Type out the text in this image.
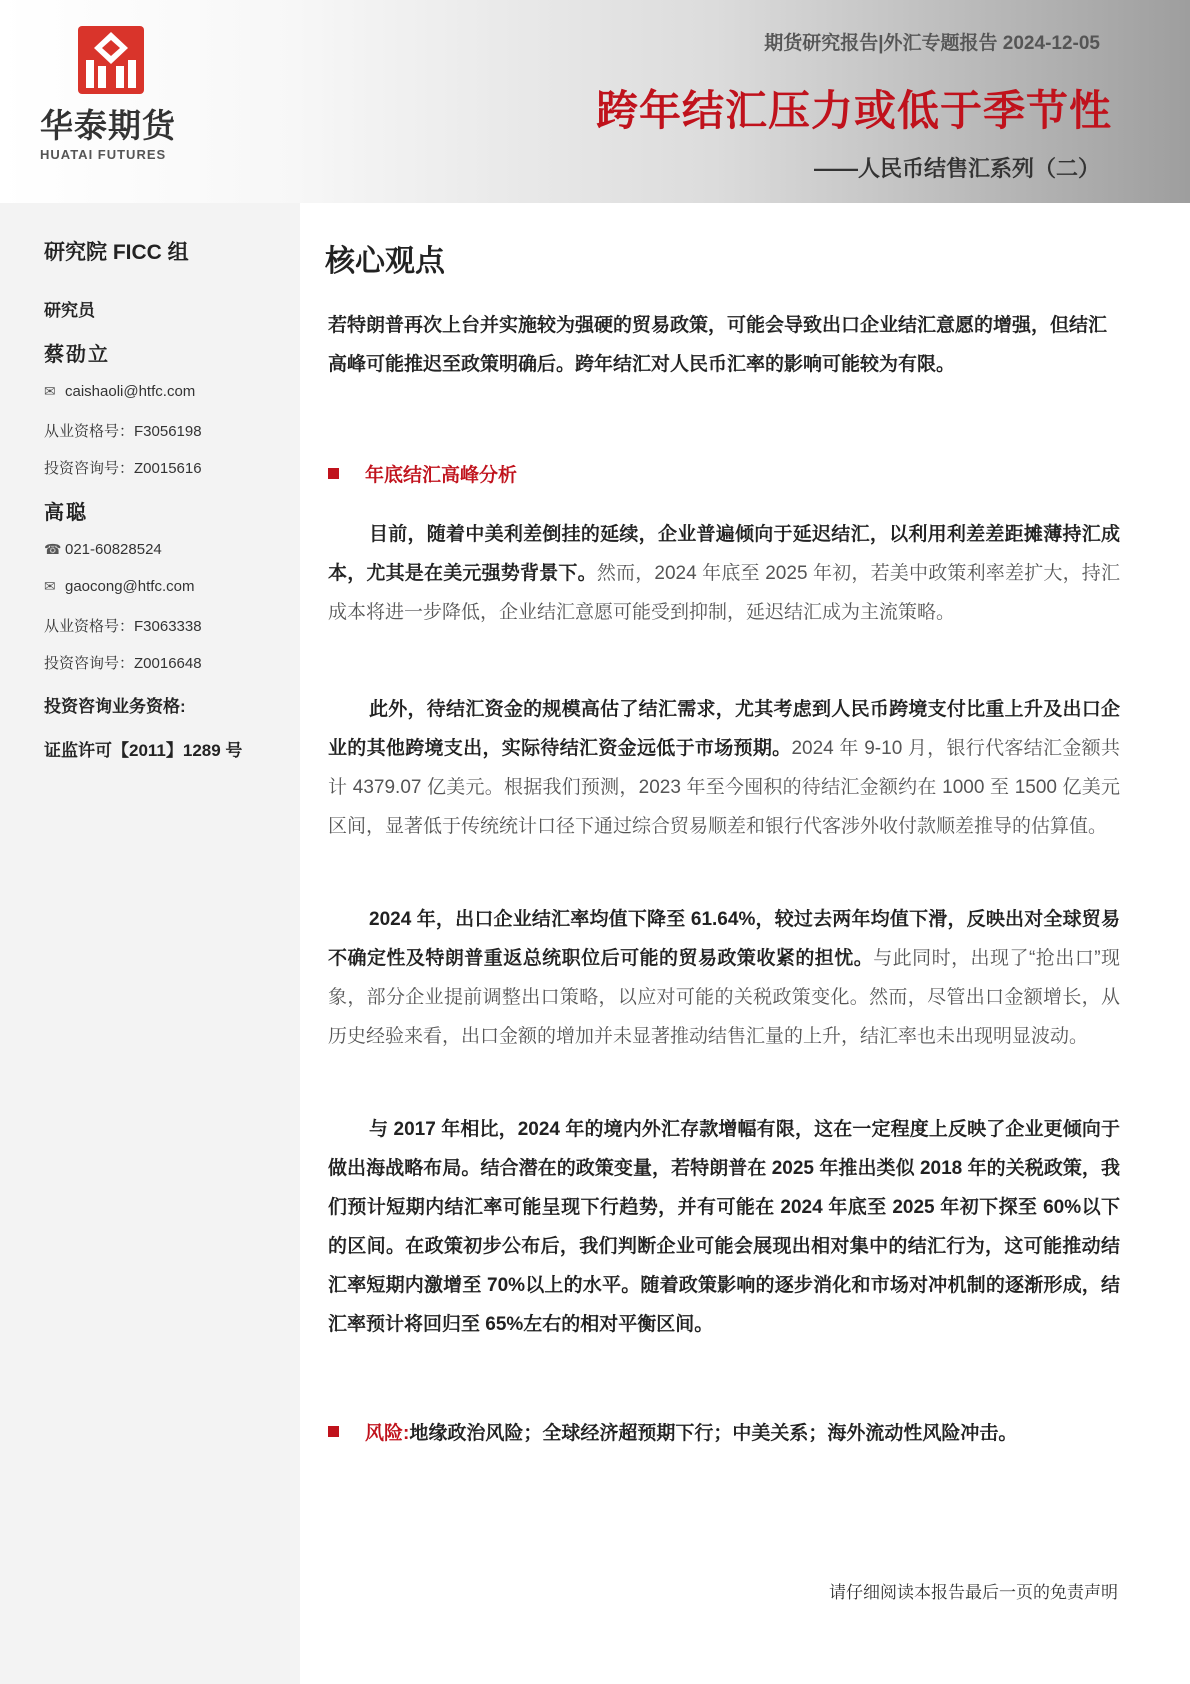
华泰期货
HUATAI FUTURES
期货研究报告|外汇专题报告 2024-12-05
跨年结汇压力或低于季节性
——人民币结售汇系列（二）
研究院 FICC 组
研究员
蔡劭立
✉ caishaoli@htfc.com
从业资格号：F3056198
投资咨询号：Z0015616
高聪
☎ 021-60828524
✉ gaocong@htfc.com
从业资格号：F3063338
投资咨询号：Z0016648
投资咨询业务资格:
证监许可【2011】1289 号
核心观点
若特朗普再次上台并实施较为强硬的贸易政策，可能会导致出口企业结汇意愿的增强，但结汇高峰可能推迟至政策明确后。跨年结汇对人民币汇率的影响可能较为有限。
年底结汇高峰分析
目前，随着中美利差倒挂的延续，企业普遍倾向于延迟结汇，以利用利差差距摊薄持汇成本，尤其是在美元强势背景下。然而，2024 年底至 2025 年初，若美中政策利率差扩大，持汇成本将进一步降低，企业结汇意愿可能受到抑制，延迟结汇成为主流策略。
此外，待结汇资金的规模高估了结汇需求，尤其考虑到人民币跨境支付比重上升及出口企业的其他跨境支出，实际待结汇资金远低于市场预期。2024 年 9-10 月，银行代客结汇金额共计 4379.07 亿美元。根据我们预测，2023 年至今囤积的待结汇金额约在 1000 至 1500 亿美元区间，显著低于传统统计口径下通过综合贸易顺差和银行代客涉外收付款顺差推导的估算值。
2024 年，出口企业结汇率均值下降至 61.64%，较过去两年均值下滑，反映出对全球贸易不确定性及特朗普重返总统职位后可能的贸易政策收紧的担忧。与此同时，出现了“抢出口”现象，部分企业提前调整出口策略，以应对可能的关税政策变化。然而，尽管出口金额增长，从历史经验来看，出口金额的增加并未显著推动结售汇量的上升，结汇率也未出现明显波动。
与 2017 年相比，2024 年的境内外汇存款增幅有限，这在一定程度上反映了企业更倾向于做出海战略布局。结合潜在的政策变量，若特朗普在 2025 年推出类似 2018 年的关税政策，我们预计短期内结汇率可能呈现下行趋势，并有可能在 2024 年底至 2025 年初下探至 60%以下的区间。在政策初步公布后，我们判断企业可能会展现出相对集中的结汇行为，这可能推动结汇率短期内激增至 70%以上的水平。随着政策影响的逐步消化和市场对冲机制的逐渐形成，结汇率预计将回归至 65%左右的相对平衡区间。
风险: 地缘政治风险；全球经济超预期下行；中美关系；海外流动性风险冲击。
请仔细阅读本报告最后一页的免责声明
